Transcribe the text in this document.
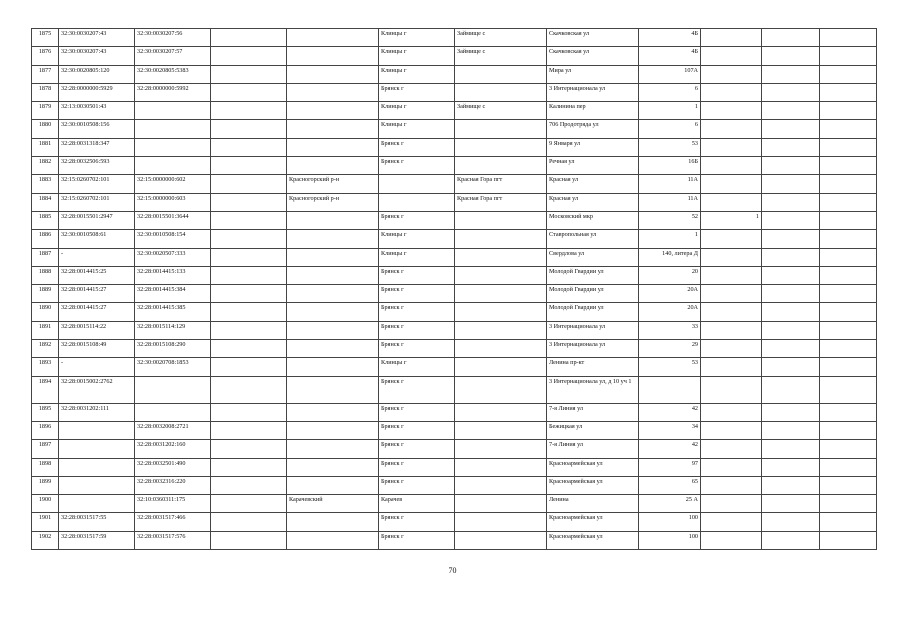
1875	32:30:0030207:43	32:30:0030207:56			Клинцы г	Займище с	Скачковская ул	4Б			
1876	32:30:0030207:43	32:30:0030207:57			Клинцы г	Займище с	Скачковская ул	4Б			
1877	32:30:0020805:120	32:30:0020805:5383			Клинцы г		Мира ул	107А			
1878	32:28:0000000:5929	32:28:0000000:5992			Брянск г		3 Интернационала ул	6			
1879	32:13:0030501:43				Клинцы г	Займище с	Калинина пер	1			
1880	32:30:0010508:156				Клинцы г		706 Продотряда ул	6			
1881	32:28:0031318:347				Брянск г		9 Января ул	53			
1882	32:28:0032506:593				Брянск г		Речная ул	16Б			
1883	32:15:0260702:101	32:15:0000000:602		Красногорский р-н		Красная Гора пгт	Красная ул	11А			
1884	32:15:0260702:101	32:15:0000000:603		Красногорский р-н		Красная Гора пгт	Красная ул	11А			
1885	32:28:0015501:2947	32:28:0015501:3644			Брянск г		Московский мкр	52	1		
1886	32:30:0010508:61	32:30:0010508:154			Клинцы г		Ставропольная ул	1			
1887	-	32:30:0020507:333			Клинцы г		Свердлова ул	140, литера Д			
1888	32:28:0014415:25	32:28:0014415:133			Брянск г		Молодой Гвардии ул	20			
1889	32:28:0014415:27	32:28:0014415:384			Брянск г		Молодой Гвардии ул	20А			
1890	32:28:0014415:27	32:28:0014415:385			Брянск г		Молодой Гвардии ул	20А			
1891	32:28:0015114:22	32:28:0015114:129			Брянск г		3 Интернационала ул	33			
1892	32:28:0015108:49	32:28:0015108:290			Брянск г		3 Интернационала ул	29			
1893	-	32:30:0020708:1853			Клинцы г		Ленина пр-кт	53			
1894	32:28:0015002:2762				Брянск г		3 Интернационала ул, д 10 уч 1				
1895	32:28:0031202:111				Брянск г		7-я Линия ул	42			
1896		32:28:0032008:2721			Брянск г		Бежицкая ул	34			
1897		32:28:0031202:160			Брянск г		7-я Линия ул	42			
1898		32:28:0032501:490			Брянск г		Красноармейская ул	97			
1899		32:28:0032316:220			Брянск г		Красноармейская ул	65			
1900		32:10:0360311:175		Карачевский	Карачев		Ленина	25 А			
1901	32:28:0031517:55	32:28:0031517:466			Брянск г		Красноармейская ул	100			
1902	32:28:0031517:59	32:28:0031517:576			Брянск г		Красноармейская ул	100			
70
